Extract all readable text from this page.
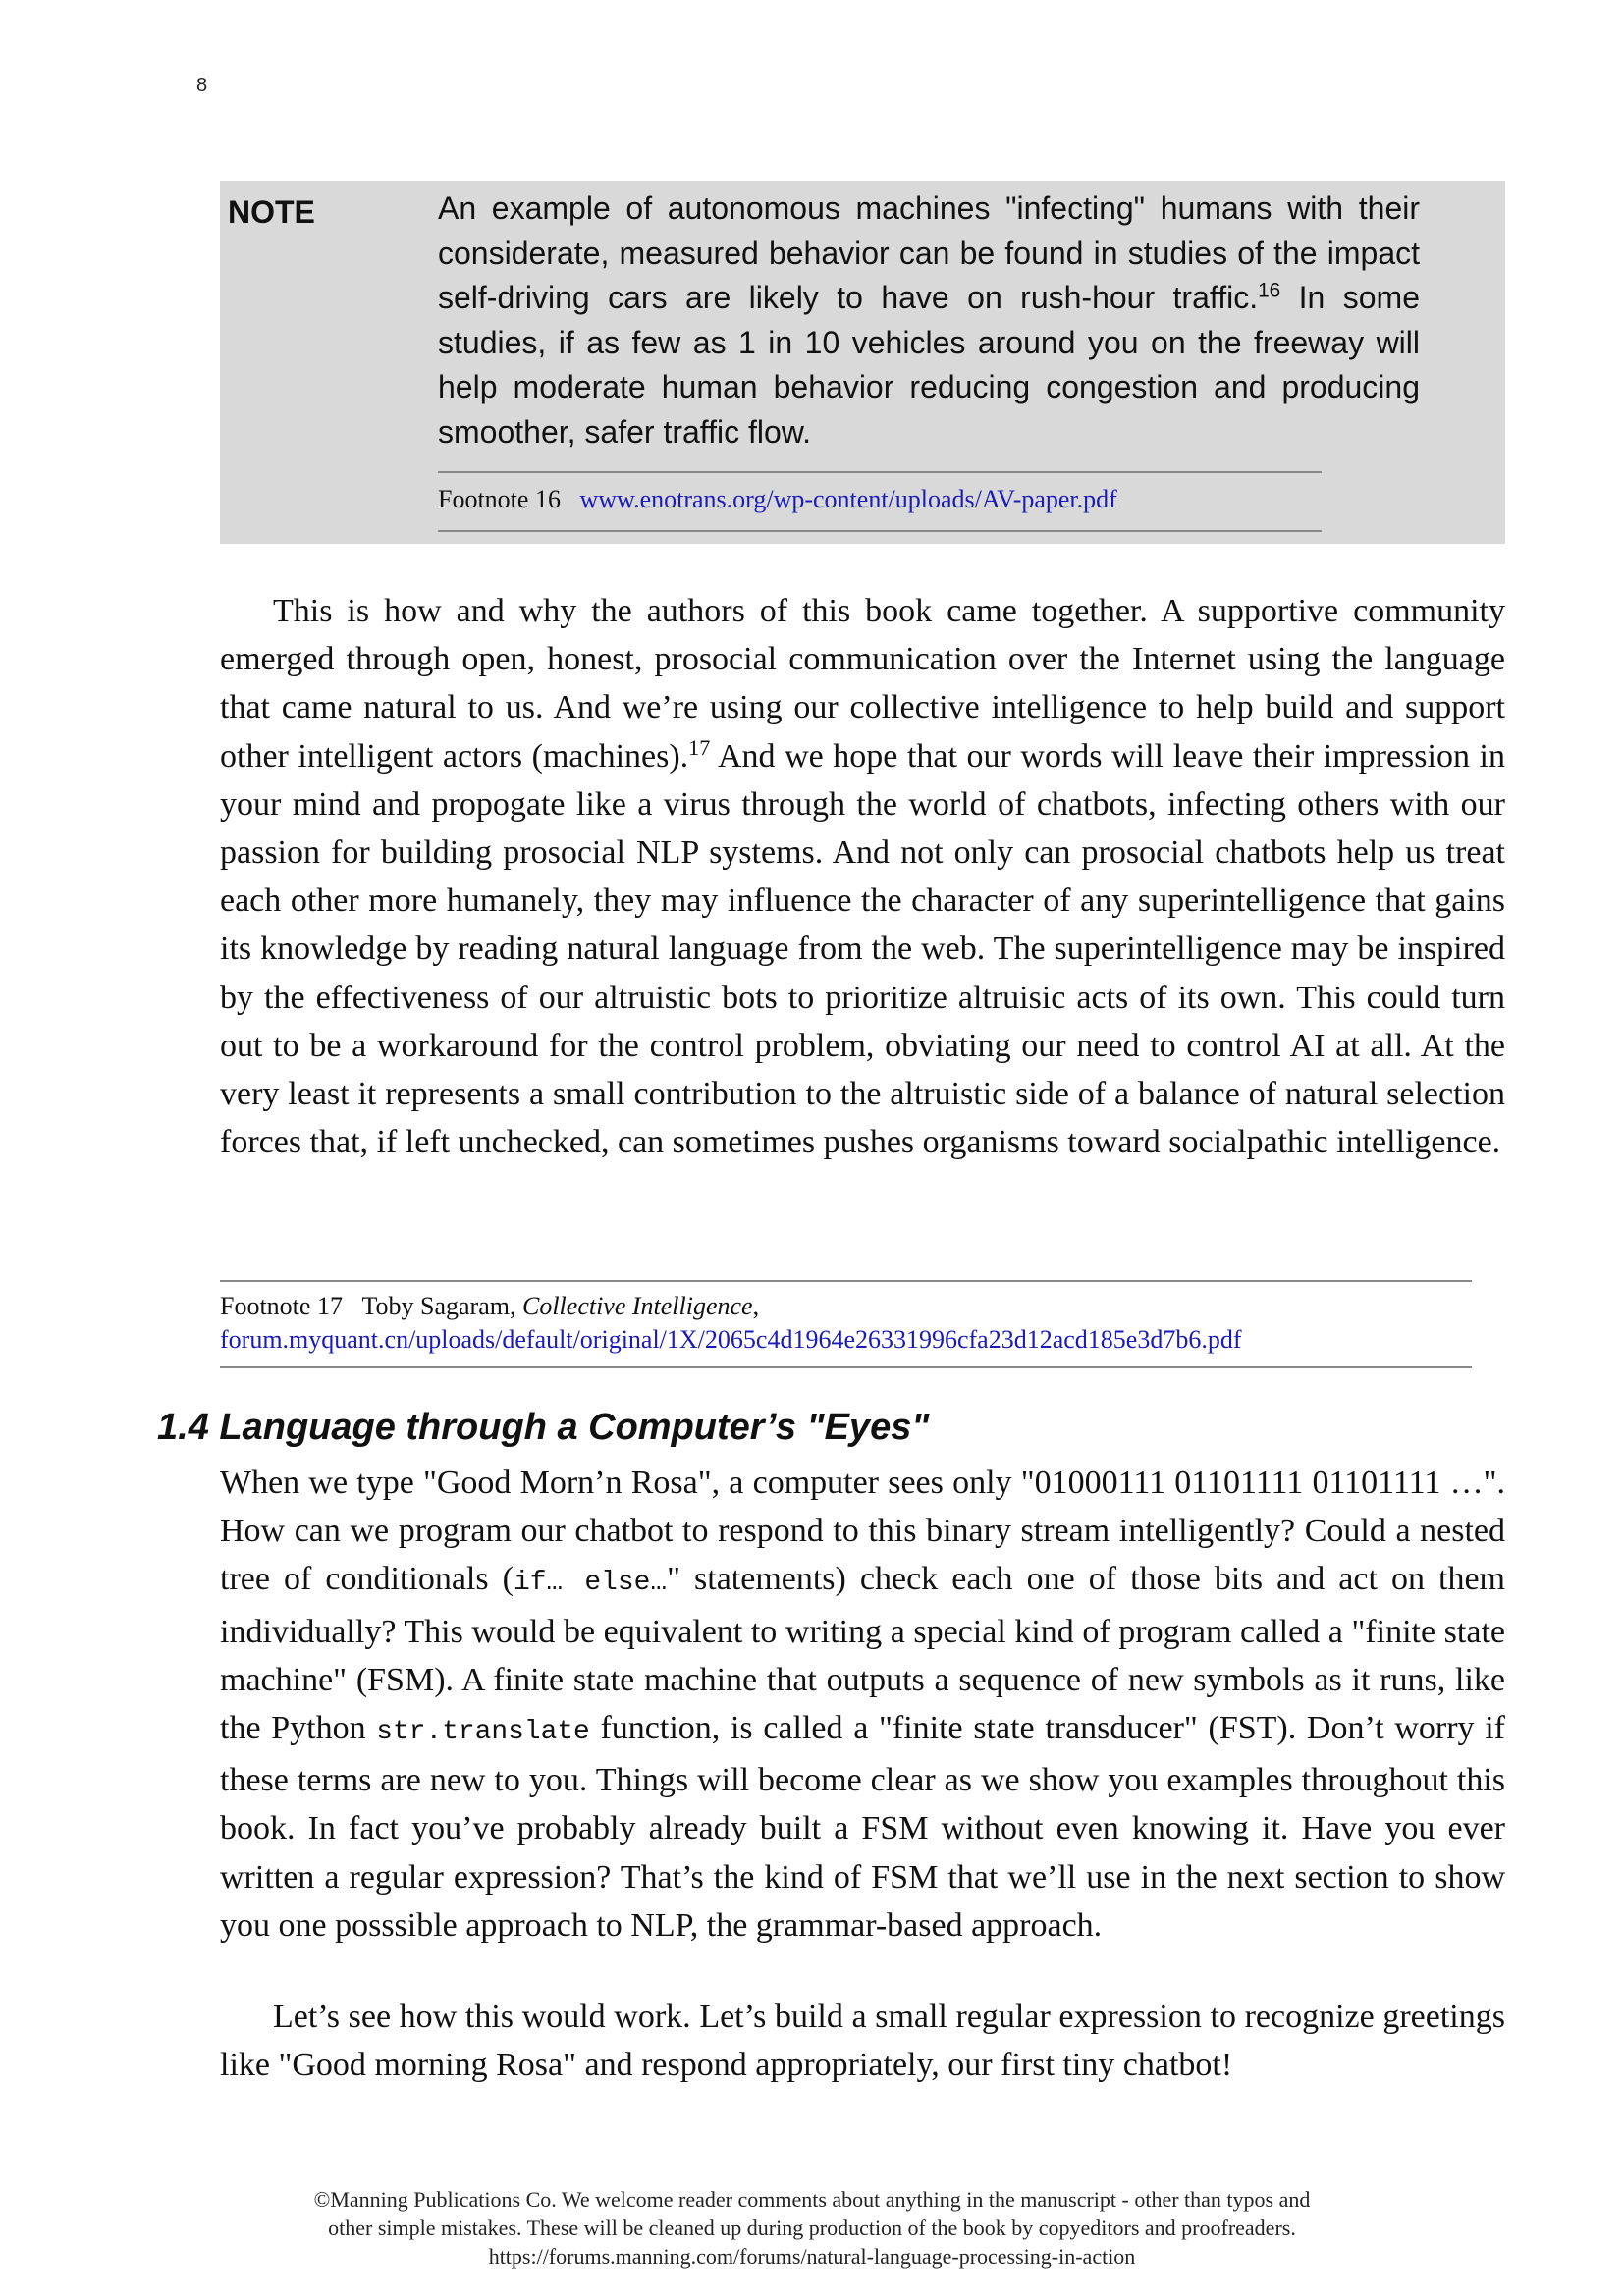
8
NOTE	An example of autonomous machines "infecting" humans with their considerate, measured behavior can be found in studies of the impact self-driving cars are likely to have on rush-hour traffic.$^{16}$ In some studies, if as few as 1 in 10 vehicles around you on the freeway will help moderate human behavior reducing congestion and producing smoother, safer traffic flow.

Footnote 16 www.enotrans.org/wp-content/uploads/AV-paper.pdf

This is how and why the authors of this book came together. A supportive community emerged through open, honest, prosocial communication over the Internet using the language that came natural to us. And we’re using our collective intelligence to help build and support other intelligent actors (machines).$^{17}$ And we hope that our words will leave their impression in your mind and propogate like a virus through the world of chatbots, infecting others with our passion for building prosocial NLP systems. And not only can prosocial chatbots help us treat each other more humanely, they may influence the character of any superintelligence that gains its knowledge by reading natural language from the web. The superintelligence may be inspired by the effectiveness of our altruistic bots to prioritize altruisic acts of its own. This could turn out to be a workaround for the control problem, obviating our need to control AI at all. At the very least it represents a small contribution to the altruistic side of a balance of natural selection forces that, if left unchecked, can sometimes pushes organisms toward socialpathic intelligence.

Footnote 17 Toby Sagaram, Collective Intelligence,
forum.myquant.cn/uploads/default/original/1X/2065c4d1964e26331996cfa23d12acd185e3d7b6.pdf
1.4 Language through a Computer’s "Eyes"

When we type "Good Morn’n Rosa", a computer sees only "01000111 01101111 01101111 …". How can we program our chatbot to respond to this binary stream intelligently? Could a nested tree of conditionals (if… else…" statements) check each one of those bits and act on them individually? This would be equivalent to writing a special kind of program called a "finite state machine" (FSM). A finite state machine that outputs a sequence of new symbols as it runs, like the Python str.translate function, is called a "finite state transducer" (FST). Don’t worry if these terms are new to you. Things will become clear as we show you examples throughout this book. In fact you’ve probably already built a FSM without even knowing it. Have you ever written a regular expression? That’s the kind of FSM that we’ll use in the next section to show you one posssible approach to NLP, the grammar-based approach.

Let’s see how this would work. Let’s build a small regular expression to recognize greetings like "Good morning Rosa" and respond appropriately, our first tiny chatbot!

©Manning Publications Co. We welcome reader comments about anything in the manuscript - other than typos and
other simple mistakes. These will be cleaned up during production of the book by copyeditors and proofreaders.
https://forums.manning.com/forums/natural-language-processing-in-action
